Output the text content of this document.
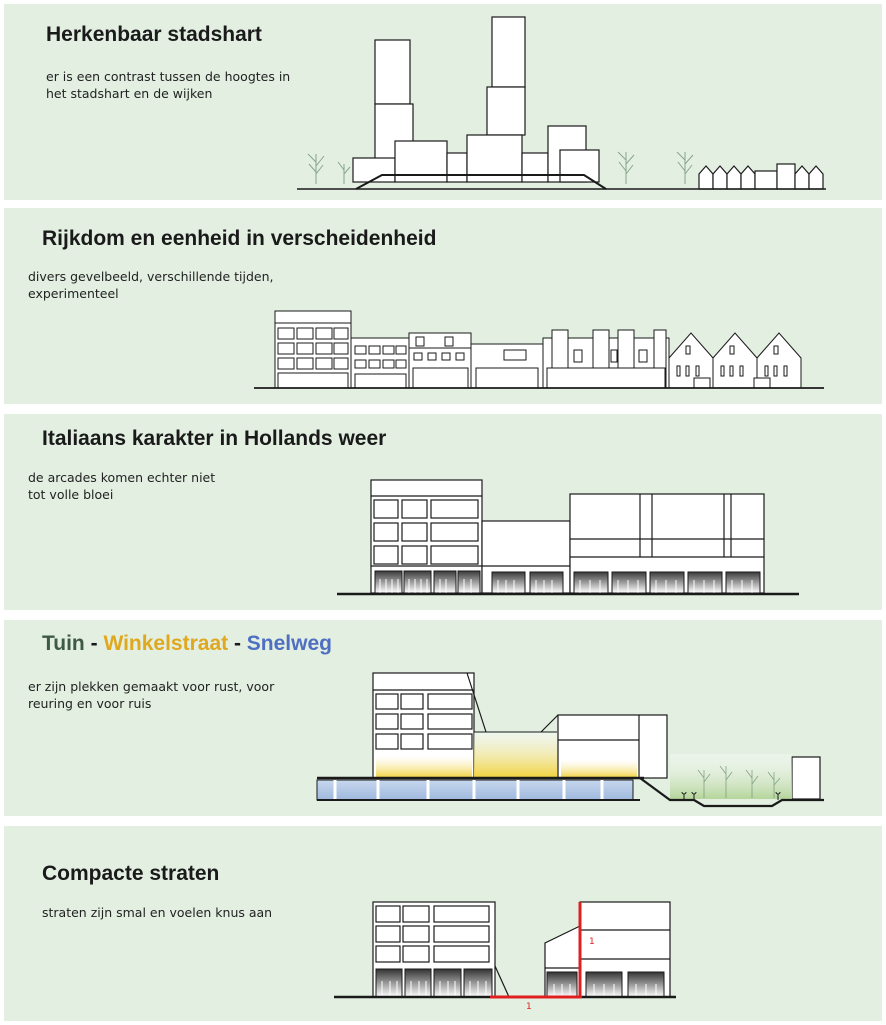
Herkenbaar stadshart

er is een contrast tussen de hoogtes in
het stadshart en de wijken

Rijkdom en eenheid in verscheidenheid

divers gevelbeeld, verschillende tijden,
experimenteel

Italiaans karakter in Hollands weer

de arcades komen echter niet
tot volle bloei

Tuin - Winkelstraat - Snelweg

er zijn plekken gemaakt voor rust, voor
reuring en voor ruis

Compacte straten

straten zijn smal en voelen knus aan

1
1
